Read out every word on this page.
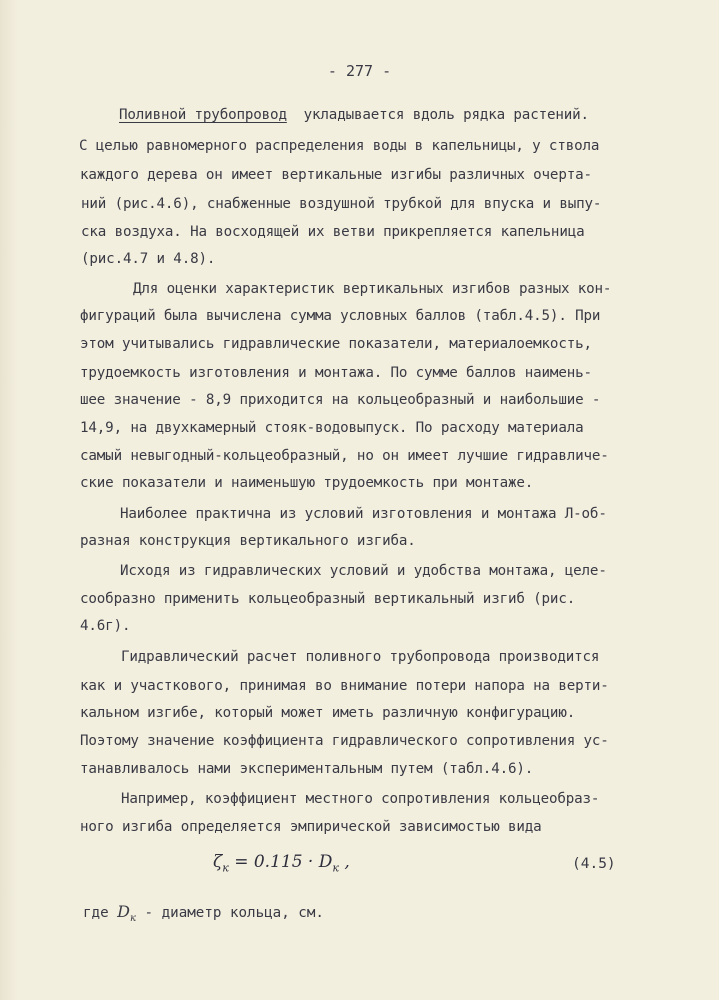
- 277 -
Поливной трубопровод  укладывается вдоль рядка растений.
С целью равномерного распределения воды в капельницы, у ствола
каждого дерева он имеет вертикальные изгибы различных очерта-
ний (рис.4.6), снабженные воздушной трубкой для впуска и выпу-
ска воздуха. На восходящей их ветви прикрепляется капельница
(рис.4.7 и 4.8).
Для оценки характеристик вертикальных изгибов разных кон-
фигураций была вычислена сумма условных баллов (табл.4.5). При
этом учитывались гидравлические показатели, материалоемкость,
трудоемкость изготовления и монтажа. По сумме баллов наимень-
шее значение - 8,9 приходится на кольцеобразный и наибольшие -
14,9, на двухкамерный стояк-водовыпуск. По расходу материала
самый невыгодный-кольцеобразный, но он имеет лучшие гидравличе-
ские показатели и наименьшую трудоемкость при монтаже.
Наиболее практична из условий изготовления и монтажа Л-об-
разная конструкция вертикального изгиба.
Исходя из гидравлических условий и удобства монтажа, целе-
сообразно применить кольцеобразный вертикальный изгиб (рис.
4.6г).
Гидравлический расчет поливного трубопровода производится
как и участкового, принимая во внимание потери напора на верти-
кальном изгибе, который может иметь различную конфигурацию.
Поэтому значение коэффициента гидравлического сопротивления ус-
танавливалось нами экспериментальным путем (табл.4.6).
Например, коэффициент местного сопротивления кольцеобраз-
ного изгиба определяется эмпирической зависимостью вида
$\zeta_к = 0.115 \cdot D_к$ ,	(4.5)
где $D_к$ - диаметр кольца, см.
